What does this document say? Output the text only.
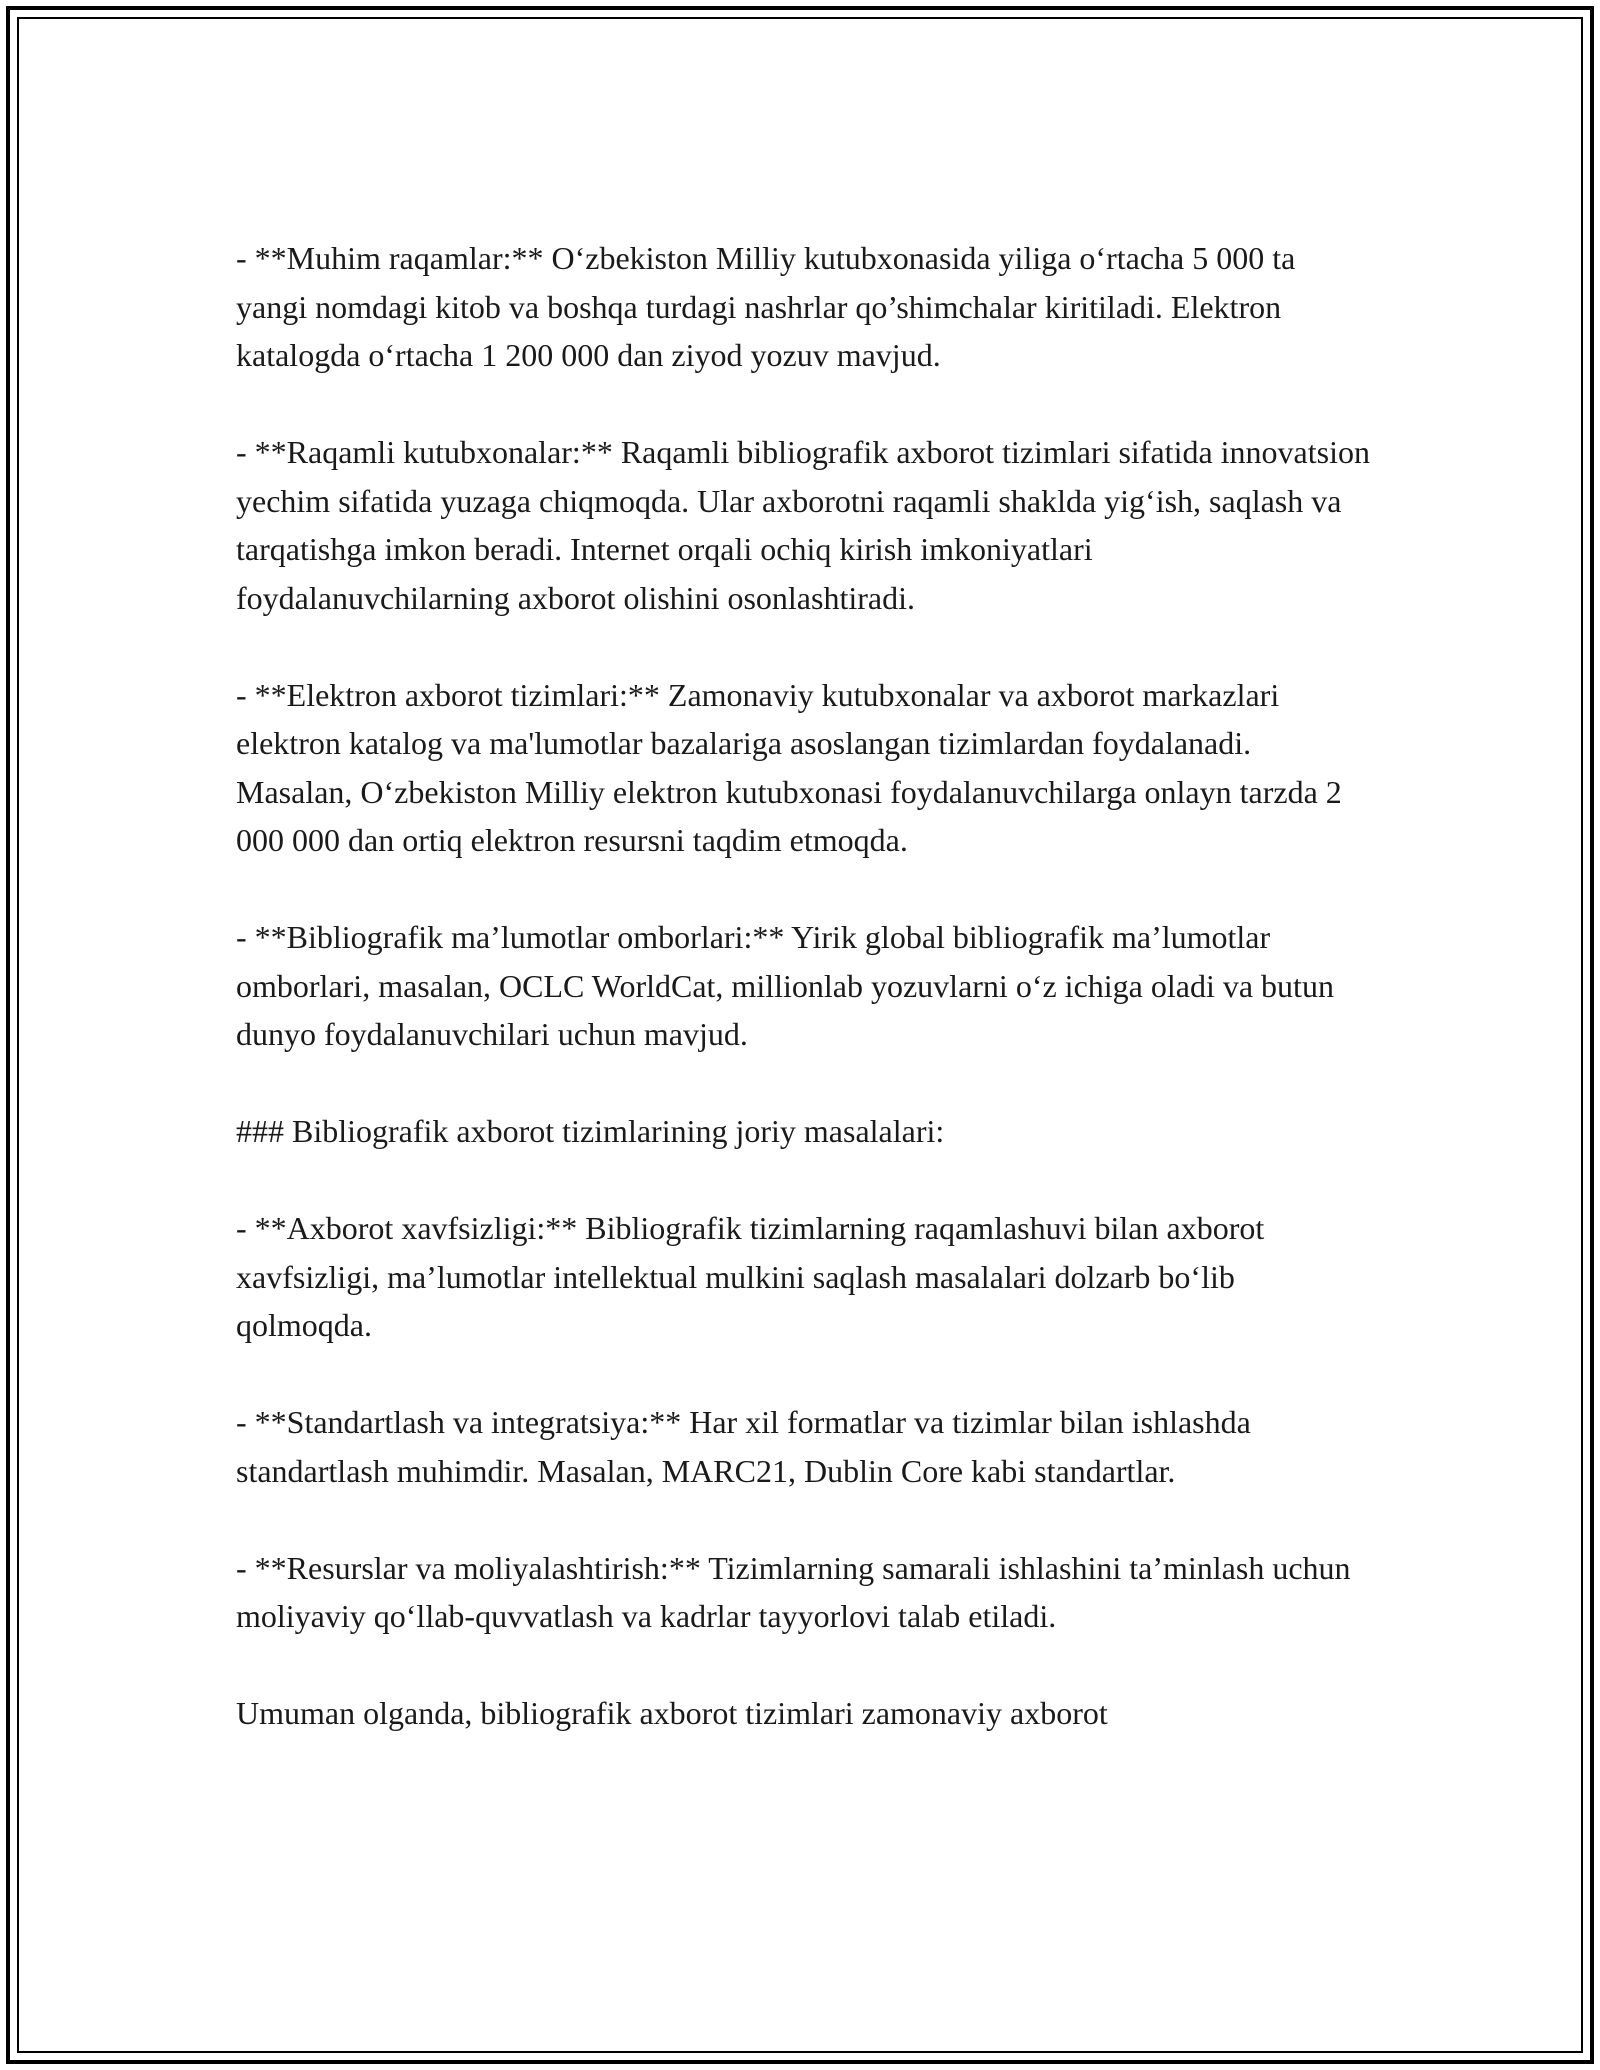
- **Muhim raqamlar:** O‘zbekiston Milliy kutubxonasida yiliga o‘rtacha 5 000 ta yangi nomdagi kitob va boshqa turdagi nashrlar qo’shimchalar kiritiladi. Elektron katalogda o‘rtacha 1 200 000 dan ziyod yozuv mavjud.

- **Raqamli kutubxonalar:** Raqamli bibliografik axborot tizimlari sifatida innovatsion yechim sifatida yuzaga chiqmoqda. Ular axborotni raqamli shaklda yig‘ish, saqlash va tarqatishga imkon beradi. Internet orqali ochiq kirish imkoniyatlari foydalanuvchilarning axborot olishini osonlashtiradi.

- **Elektron axborot tizimlari:** Zamonaviy kutubxonalar va axborot markazlari elektron katalog va ma'lumotlar bazalariga asoslangan tizimlardan foydalanadi. Masalan, O‘zbekiston Milliy elektron kutubxonasi foydalanuvchilarga onlayn tarzda 2 000 000 dan ortiq elektron resursni taqdim etmoqda.

- **Bibliografik ma’lumotlar omborlari:** Yirik global bibliografik ma’lumotlar omborlari, masalan, OCLC WorldCat, millionlab yozuvlarni o‘z ichiga oladi va butun dunyo foydalanuvchilari uchun mavjud.

### Bibliografik axborot tizimlarining joriy masalalari:

- **Axborot xavfsizligi:** Bibliografik tizimlarning raqamlashuvi bilan axborot xavfsizligi, ma’lumotlar intellektual mulkini saqlash masalalari dolzarb bo‘lib qolmoqda.

- **Standartlash va integratsiya:** Har xil formatlar va tizimlar bilan ishlashda standartlash muhimdir. Masalan, MARC21, Dublin Core kabi standartlar.

- **Resurslar va moliyalashtirish:** Tizimlarning samarali ishlashini ta’minlash uchun moliyaviy qo‘llab-quvvatlash va kadrlar tayyorlovi talab etiladi.

Umuman olganda, bibliografik axborot tizimlari zamonaviy axborot
